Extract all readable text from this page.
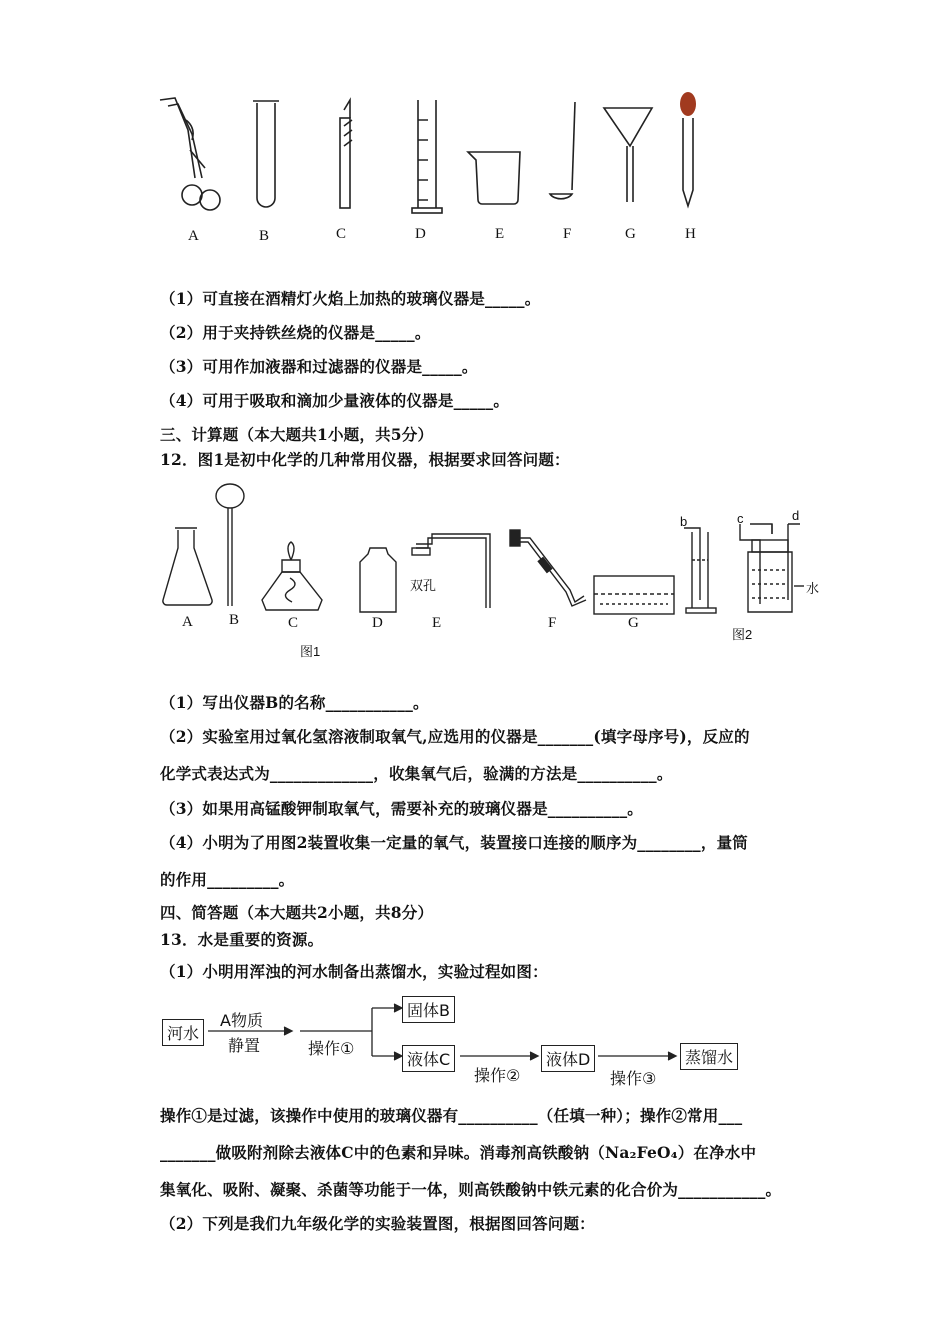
A	B	C	D	E	F	G	H
（1）可直接在酒精灯火焰上加热的玻璃仪器是_____。
（2）用于夹持铁丝烧的仪器是_____。
（3）可用作加液器和过滤器的仪器是_____。
（4）可用于吸取和滴加少量液体的仪器是_____。
三、计算题（本大题共1小题，共5分）
12．图1是初中化学的几种常用仪器，根据要求回答问题：
A B	C	D	E	F	G
双孔
图1
图2
b	c	d
水
（1）写出仪器B的名称___________。
（2）实验室用过氧化氢溶液制取氧气,应选用的仪器是_______(填字母序号)，反应的
化学式表达式为_____________，收集氧气后，验满的方法是__________。
（3）如果用高锰酸钾制取氧气，需要补充的玻璃仪器是__________。
（4）小明为了用图2装置收集一定量的氧气，装置接口连接的顺序为________，量筒
的作用_________。
四、简答题（本大题共2小题，共8分）
13．水是重要的资源。
（1）小明用浑浊的河水制备出蒸馏水，实验过程如图：
河水
A物质
静置	操作①
固体B
液体C
操作②
液体D
操作③
蒸馏水
操作①是过滤，该操作中使用的玻璃仪器有__________（任填一种）；操作②常用___
_______做吸附剂除去液体C中的色素和异味。消毒剂高铁酸钠（Na₂FeO₄）在净水中
集氧化、吸附、凝聚、杀菌等功能于一体，则高铁酸钠中铁元素的化合价为___________。
（2）下列是我们九年级化学的实验装置图，根据图回答问题：
